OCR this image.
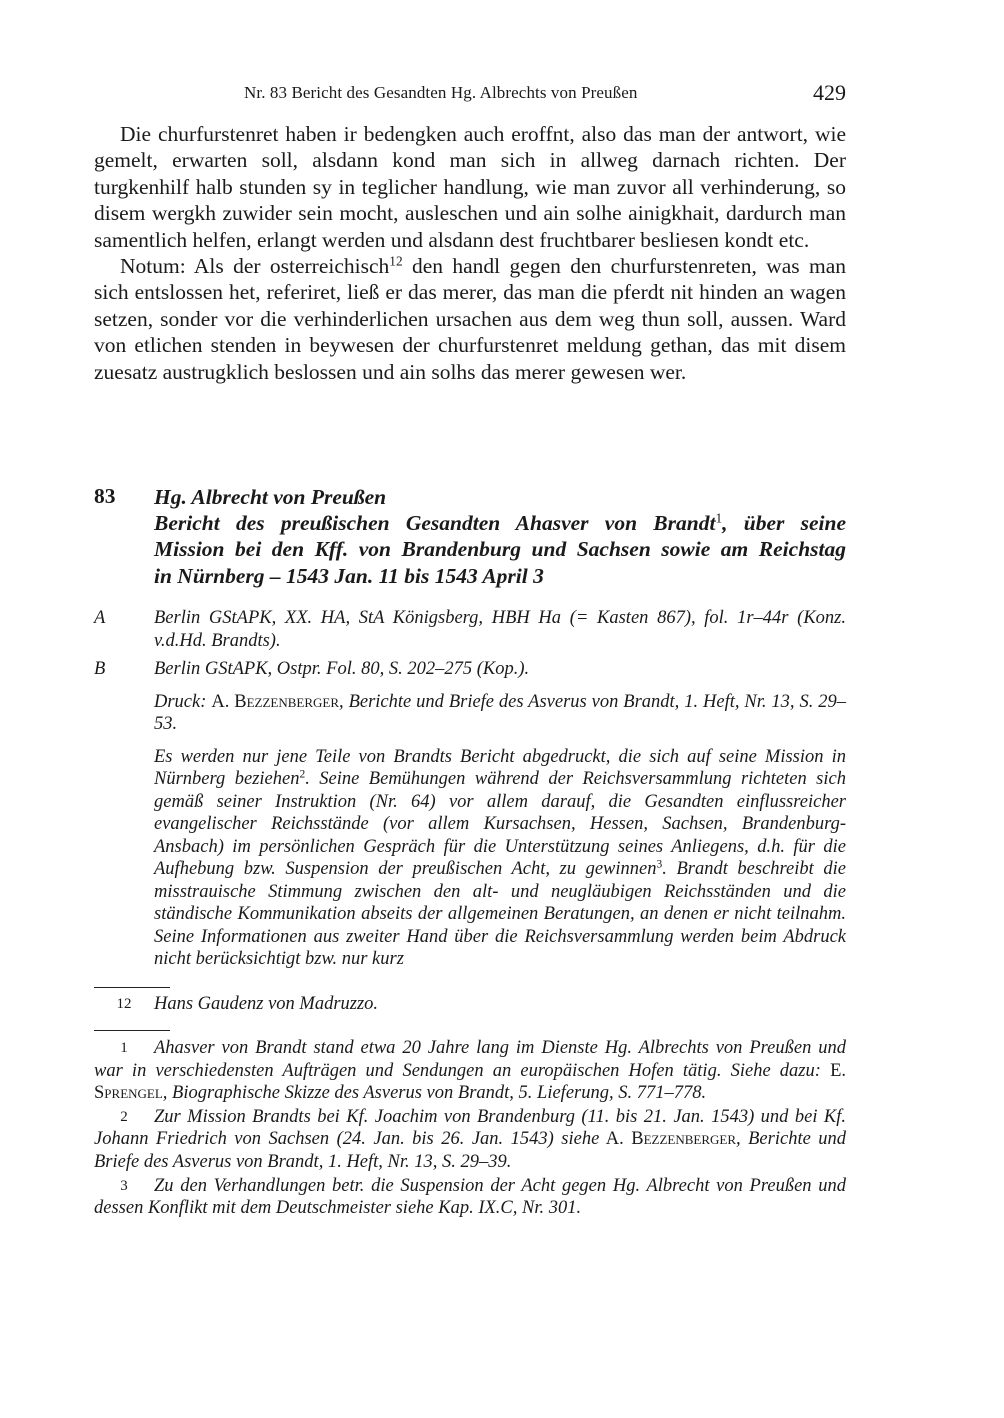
Nr. 83 Bericht des Gesandten Hg. Albrechts von Preußen	429

Die churfurstenret haben ir bedengken auch eroffnt, also das man der antwort, wie gemelt, erwarten soll, alsdann kond man sich in allweg darnach richten. Der turgkenhilf halb stunden sy in teglicher handlung, wie man zuvor all verhinderung, so disem wergkh zuwider sein mocht, ausleschen und ain solhe ainigkhait, dardurch man samentlich helfen, erlangt werden und alsdann dest fruchtbarer besliesen kondt etc.

Notum: Als der osterreichisch$^{12}$ den handl gegen den churfurstenreten, was man sich entslossen het, referiret, ließ er das merer, das man die pferdt nit hinden an wagen setzen, sonder vor die verhinderlichen ursachen aus dem weg thun soll, aussen. Ward von etlichen stenden in beywesen der churfurstenret meldung gethan, das mit disem zuesatz austrugklich beslossen und ain solhs das merer gewesen wer.

83 Hg. Albrecht von Preußen
Bericht des preußischen Gesandten Ahasver von Brandt$^1$, über seine
Mission bei den Kff. von Brandenburg und Sachsen sowie am Reichstag
in Nürnberg – 1543 Jan. 11 bis 1543 April 3
A	Berlin GStAPK, XX. HA, StA Königsberg, HBH Ha (= Kasten 867), fol. 1r–44r (Konz. v.d.Hd. Brandts).
B	Berlin GStAPK, Ostpr. Fol. 80, S. 202–275 (Kop.).
Druck: A. Bezzenberger, Berichte und Briefe des Asverus von Brandt, 1. Heft, Nr. 13, S. 29–53.
Es werden nur jene Teile von Brandts Bericht abgedruckt, die sich auf seine Mission in Nürnberg beziehen$^2$. Seine Bemühungen während der Reichsversammlung richteten sich gemäß seiner Instruktion (Nr. 64) vor allem darauf, die Gesandten einflussreicher evangelischer Reichsstände (vor allem Kursachsen, Hessen, Sachsen, Brandenburg-Ansbach) im persönlichen Gespräch für die Unterstützung seines Anliegens, d.h. für die Aufhebung bzw. Suspension der preußischen Acht, zu gewinnen$^3$. Brandt beschreibt die misstrauische Stimmung zwischen den alt- und neugläubigen Reichsständen und die ständische Kommunikation abseits der allgemeinen Beratungen, an denen er nicht teilnahm. Seine Informationen aus zweiter Hand über die Reichsversammlung werden beim Abdruck nicht berücksichtigt bzw. nur kurz
12 Hans Gaudenz von Madruzzo.

1 Ahasver von Brandt stand etwa 20 Jahre lang im Dienste Hg. Albrechts von Preußen und war in verschiedensten Aufträgen und Sendungen an europäischen Hofen tätig. Siehe dazu: E. Sprengel, Biographische Skizze des Asverus von Brandt, 5. Lieferung, S. 771–778.

2 Zur Mission Brandts bei Kf. Joachim von Brandenburg (11. bis 21. Jan. 1543) und bei Kf. Johann Friedrich von Sachsen (24. Jan. bis 26. Jan. 1543) siehe A. Bezzenberger, Berichte und Briefe des Asverus von Brandt, 1. Heft, Nr. 13, S. 29–39.

3 Zu den Verhandlungen betr. die Suspension der Acht gegen Hg. Albrecht von Preußen und dessen Konflikt mit dem Deutschmeister siehe Kap. IX.C, Nr. 301.
